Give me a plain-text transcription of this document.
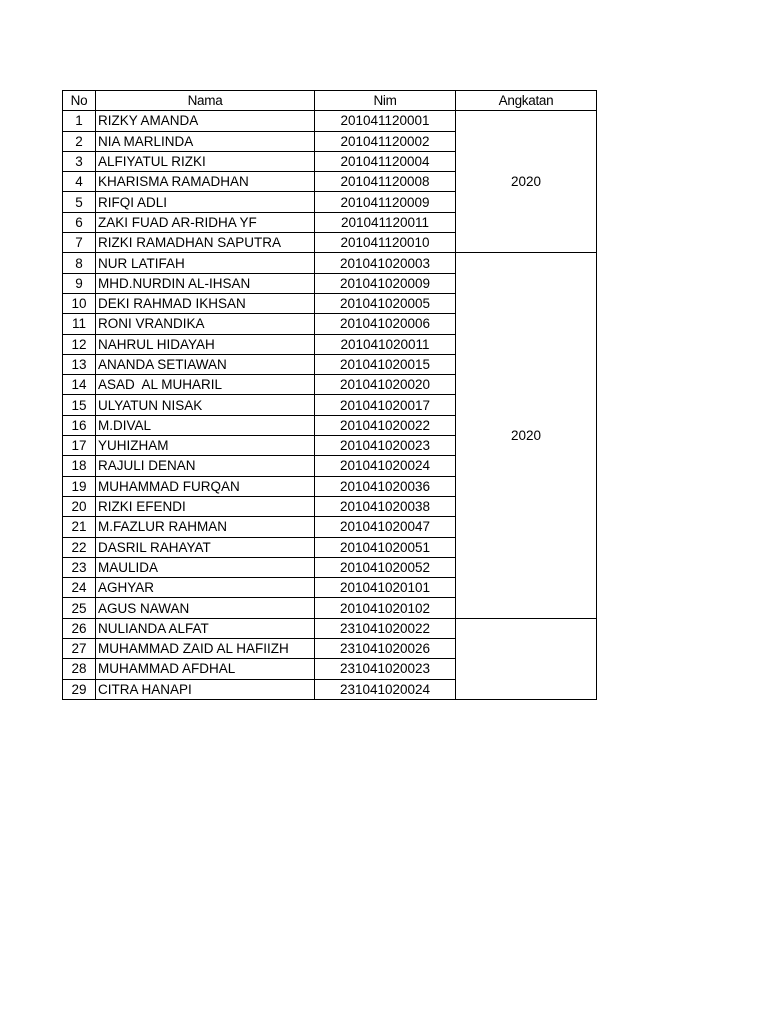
No	Nama	Nim	Angkatan
1	RIZKY AMANDA	201041120001	2020
2	NIA MARLINDA	201041120002	
3	ALFIYATUL RIZKI	201041120004	
4	KHARISMA RAMADHAN	201041120008	
5	RIFQI ADLI	201041120009	
6	ZAKI FUAD AR-RIDHA YF	201041120011	
7	RIZKI RAMADHAN SAPUTRA	201041120010	
8	NUR LATIFAH	201041020003	2020
9	MHD.NURDIN AL-IHSAN	201041020009	
10	DEKI RAHMAD IKHSAN	201041020005	
11	RONI VRANDIKA	201041020006	
12	NAHRUL HIDAYAH	201041020011	
13	ANANDA SETIAWAN	201041020015	
14	ASAD  AL MUHARIL	201041020020	
15	ULYATUN NISAK	201041020017	
16	M.DIVAL	201041020022	
17	YUHIZHAM	201041020023	
18	RAJULI DENAN	201041020024	
19	MUHAMMAD FURQAN	201041020036	
20	RIZKI EFENDI	201041020038	
21	M.FAZLUR RAHMAN	201041020047	
22	DASRIL RAHAYAT	201041020051	
23	MAULIDA	201041020052	
24	AGHYAR	201041020101	
25	AGUS NAWAN	201041020102	
26	NULIANDA ALFAT	231041020022	
27	MUHAMMAD ZAID AL HAFIIZH	231041020026	
28	MUHAMMAD AFDHAL	231041020023	
29	CITRA HANAPI	231041020024	
